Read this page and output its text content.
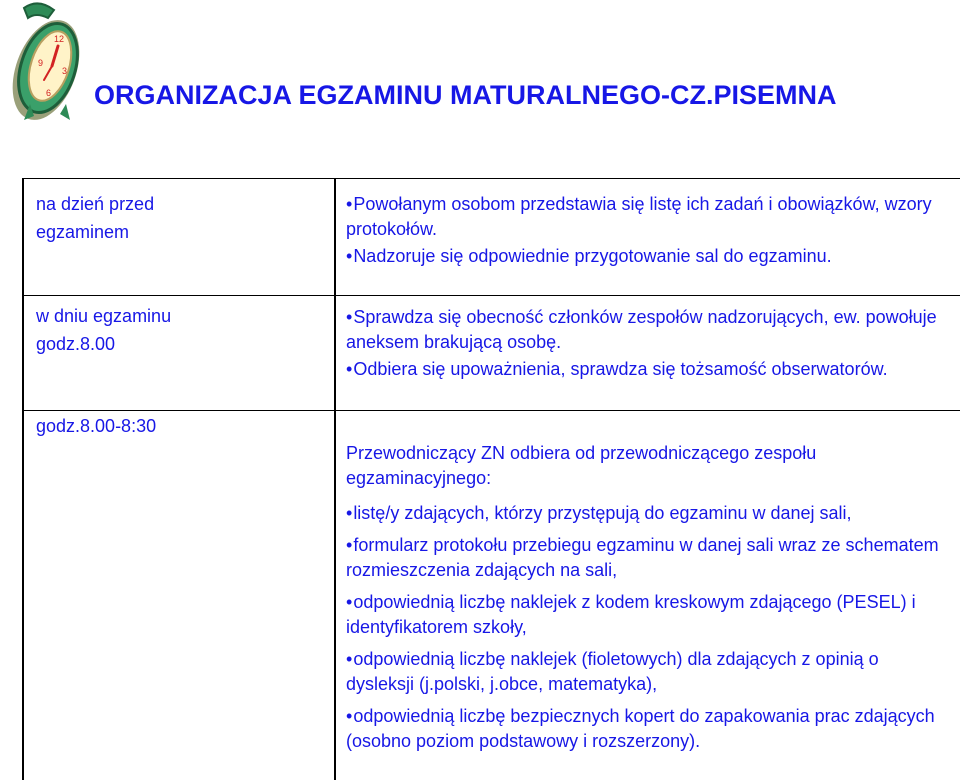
12
9
3
6 ORGANIZACJA EGZAMINU MATURALNEGO-CZ.PISEMNA
na dzień przed
egzaminem
w dniu egzaminu
godz.8.00
godz.8.00-8:30

• Powołanym osobom przedstawia się listę ich zadań i obowiązków, wzory protokołów.

• Nadzoruje się odpowiednie przygotowanie sal do egzaminu.

• Sprawdza się obecność członków zespołów nadzorujących, ew. powołuje aneksem brakującą osobę.

• Odbiera się upoważnienia, sprawdza się tożsamość obserwatorów.

Przewodniczący ZN odbiera od przewodniczącego zespołu egzaminacyjnego:

• listę/y zdających, którzy przystępują do egzaminu w danej sali,

• formularz protokołu przebiegu egzaminu w danej sali wraz ze schematem rozmieszczenia zdających na sali,

• odpowiednią liczbę naklejek z kodem kreskowym zdającego (PESEL) i identyfikatorem szkoły,

• odpowiednią liczbę naklejek (fioletowych) dla zdających z opinią o dysleksji (j.polski, j.obce, matematyka),

• odpowiednią liczbę bezpiecznych kopert do zapakowania prac zdających (osobno poziom podstawowy i rozszerzony).
